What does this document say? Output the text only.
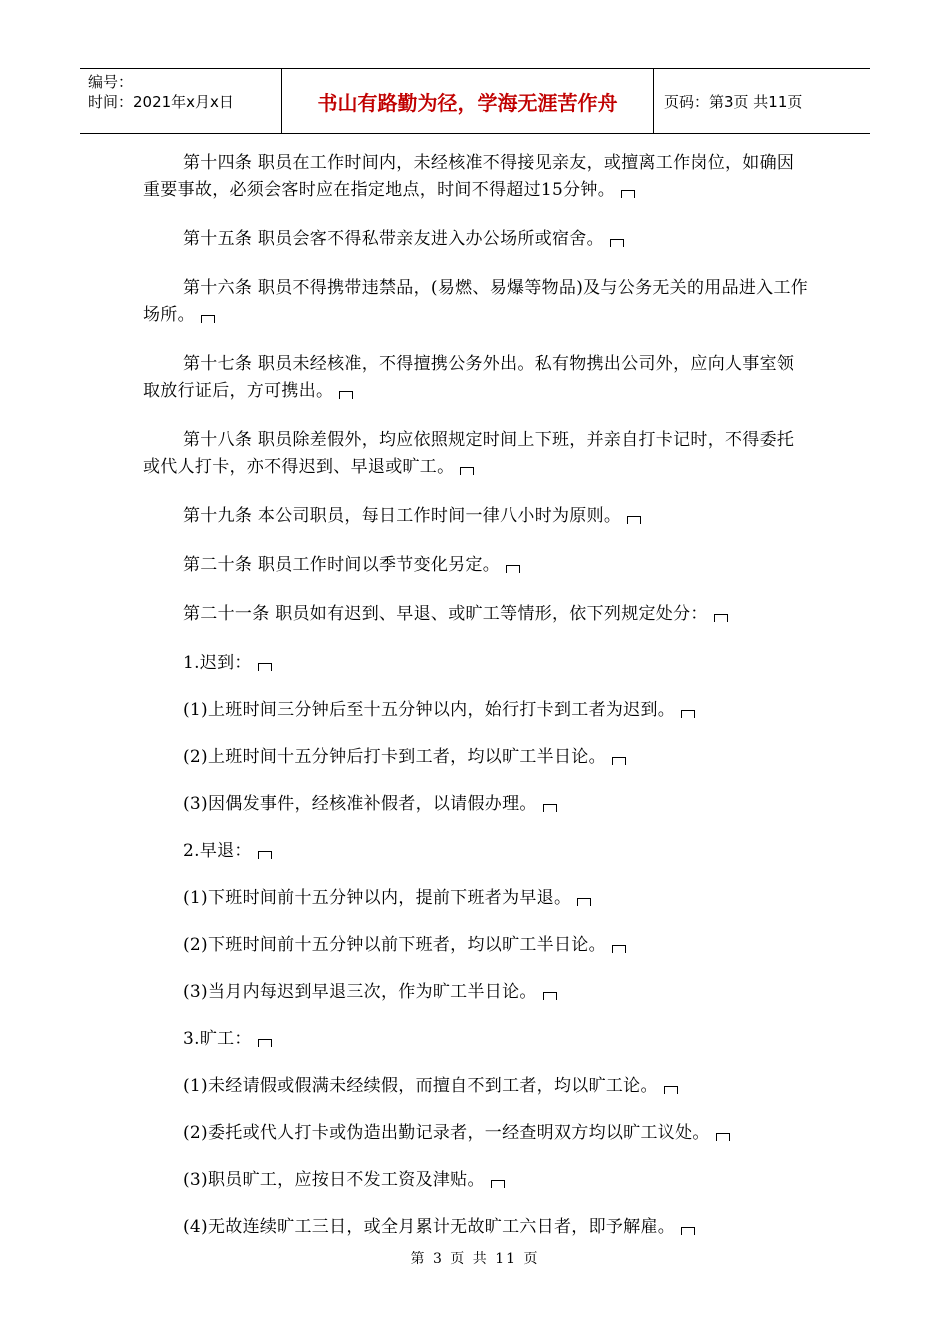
编号：
时间：2021年x月x日	书山有路勤为径，学海无涯苦作舟	页码：第3页 共11页

第十四条 职员在工作时间内，未经核准不得接见亲友，或擅离工作岗位，如确因重要事故，必须会客时应在指定地点，时间不得超过15分钟。

第十五条 职员会客不得私带亲友进入办公场所或宿舍。

第十六条 职员不得携带违禁品，(易燃、易爆等物品)及与公务无关的用品进入工作场所。

第十七条 职员未经核准，不得擅携公务外出。私有物携出公司外，应向人事室领取放行证后，方可携出。

第十八条 职员除差假外，均应依照规定时间上下班，并亲自打卡记时，不得委托或代人打卡，亦不得迟到、早退或旷工。

第十九条 本公司职员，每日工作时间一律八小时为原则。

第二十条 职员工作时间以季节变化另定。

第二十一条 职员如有迟到、早退、或旷工等情形，依下列规定处分：

1.迟到：

(1)上班时间三分钟后至十五分钟以内，始行打卡到工者为迟到。

(2)上班时间十五分钟后打卡到工者，均以旷工半日论。

(3)因偶发事件，经核准补假者，以请假办理。

2.早退：

(1)下班时间前十五分钟以内，提前下班者为早退。

(2)下班时间前十五分钟以前下班者，均以旷工半日论。

(3)当月内每迟到早退三次，作为旷工半日论。

3.旷工：

(1)未经请假或假满未经续假，而擅自不到工者，均以旷工论。

(2)委托或代人打卡或伪造出勤记录者，一经查明双方均以旷工议处。

(3)职员旷工，应按日不发工资及津贴。

(4)无故连续旷工三日，或全月累计无故旷工六日者，即予解雇。

第 3 页 共 11 页
